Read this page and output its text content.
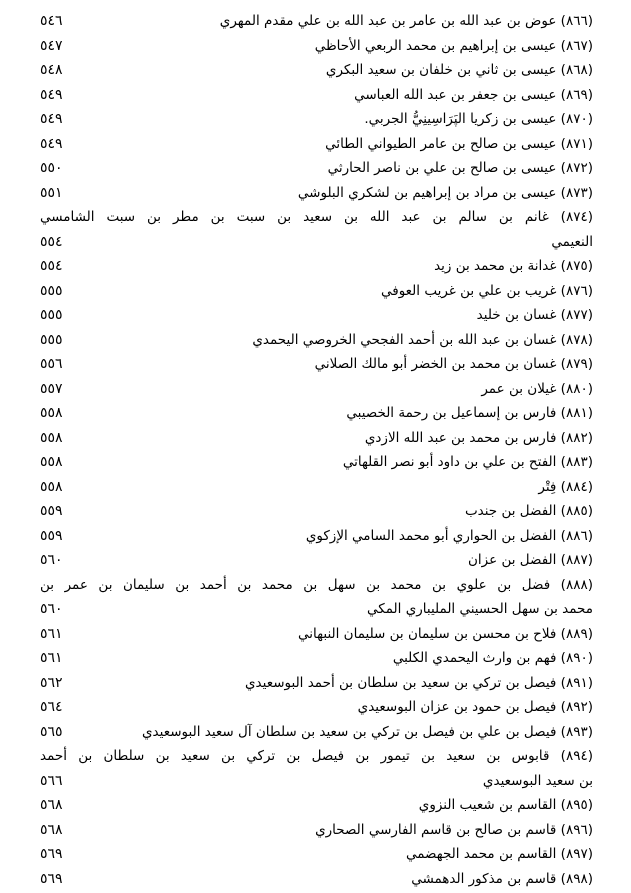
(٨٦٦) عوض بن عبد الله بن عامر بن عبد الله بن علي مقدم المهري
٥٤٦
(٨٦٧) عيسى بن إبراهيم بن محمد الربعي الأحاظي
٥٤٧
(٨٦٨) عيسى بن ثاني بن خلفان بن سعيد البكري
٥٤٨
(٨٦٩) عيسى بن جعفر بن عبد الله العباسي
٥٤٩
(٨٧٠) عيسى بن زكريا الپَرَاسِينِيُّ الجربي.
٥٤٩
(٨٧١) عيسى بن صالح بن عامر الطيواني الطائي
٥٤٩
(٨٧٢) عيسى بن صالح بن علي بن ناصر الحارثي
٥٥٠
(٨٧٣) عيسى بن مراد بن إبراهيم بن لشكري البلوشي
٥٥١
(٨٧٤) غانم بن سالم بن عبد الله بن سعيد بن سبت بن مطر بن سبت الشامسي
النعيمي
٥٥٤
(٨٧٥) غدانة بن محمد بن زيد
٥٥٤
(٨٧٦) غريب بن علي بن غريب العوفي
٥٥٥
(٨٧٧) غسان بن خليد
٥٥٥
(٨٧٨) غسان بن عبد الله بن أحمد الفجحي الخروصي اليحمدي
٥٥٥
(٨٧٩) غسان بن محمد بن الخضر أبو مالك الصلاني
٥٥٦
(٨٨٠) غيلان بن عمر
٥٥٧
(٨٨١) فارس بن إسماعيل بن رحمة الخصيبي
٥٥٨
(٨٨٢) فارس بن محمد بن عبد الله الازدي
٥٥٨
(٨٨٣) الفتح بن علي بن داود أبو نصر القلهاتي
٥٥٨
(٨٨٤) فِتْر
٥٥٨
(٨٨٥) الفضل بن جندب
٥٥٩
(٨٨٦) الفضل بن الحواري أبو محمد السامي الإزكوي
٥٥٩
(٨٨٧) الفضل بن عزان
٥٦٠
(٨٨٨) فضل بن علوي بن محمد بن سهل بن محمد بن أحمد بن سليمان بن عمر بن
محمد بن سهل الحسيني المليباري المكي
٥٦٠
(٨٨٩) فلاح بن محسن بن سليمان بن سليمان النبهاني
٥٦١
(٨٩٠) فهم بن وارث اليحمدي الكلبي
٥٦١
(٨٩١) فيصل بن تركي بن سعيد بن سلطان بن أحمد البوسعيدي
٥٦٢
(٨٩٢) فيصل بن حمود بن عزان البوسعيدي
٥٦٤
(٨٩٣) فيصل بن علي بن فيصل بن تركي بن سعيد بن سلطان آل سعيد البوسعيدي
٥٦٥
(٨٩٤) قابوس بن سعيد بن تيمور بن فيصل بن تركي بن سعيد بن سلطان بن أحمد
بن سعيد البوسعيدي
٥٦٦
(٨٩٥) القاسم بن شعيب النزوي
٥٦٨
(٨٩٦) قاسم بن صالح بن قاسم الفارسي الصحاري
٥٦٨
(٨٩٧) القاسم بن محمد الجهضمي
٥٦٩
(٨٩٨) قاسم بن مذكور الدهمشي
٥٦٩
